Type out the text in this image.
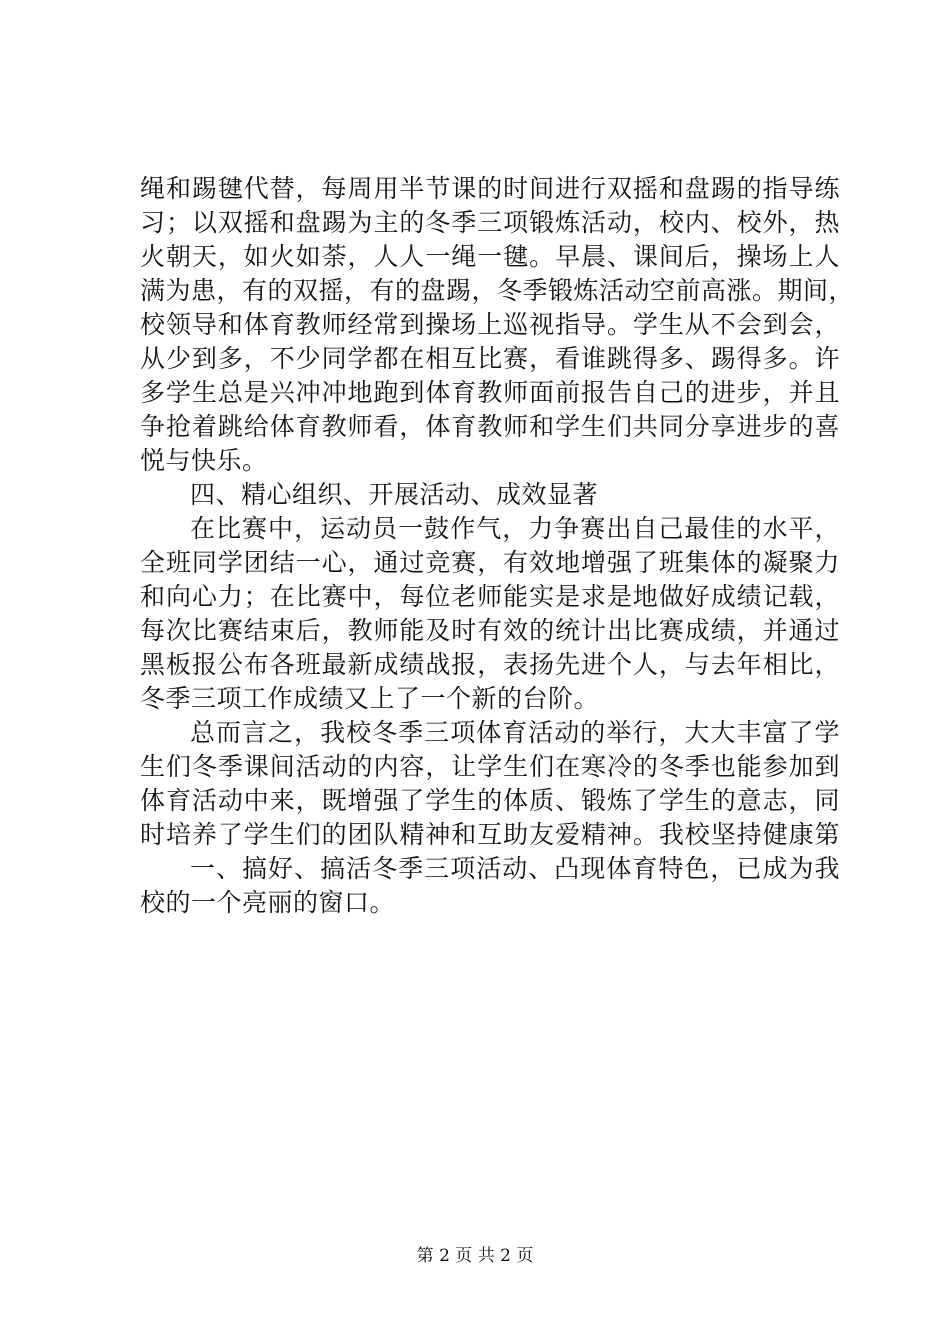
绳和踢毽代替，每周用半节课的时间进行双摇和盘踢的指导练
习；以双摇和盘踢为主的冬季三项锻炼活动，校内、校外，热
火朝天，如火如荼，人人一绳一毽。早晨、课间后，操场上人
满为患，有的双摇，有的盘踢，冬季锻炼活动空前高涨。期间，
校领导和体育教师经常到操场上巡视指导。学生从不会到会，
从少到多，不少同学都在相互比赛，看谁跳得多、踢得多。许
多学生总是兴冲冲地跑到体育教师面前报告自己的进步，并且
争抢着跳给体育教师看，体育教师和学生们共同分享进步的喜
悦与快乐。
四、精心组织、开展活动、成效显著
在比赛中，运动员一鼓作气，力争赛出自己最佳的水平，
全班同学团结一心，通过竞赛，有效地增强了班集体的凝聚力
和向心力；在比赛中，每位老师能实是求是地做好成绩记载，
每次比赛结束后，教师能及时有效的统计出比赛成绩，并通过
黑板报公布各班最新成绩战报，表扬先进个人，与去年相比，
冬季三项工作成绩又上了一个新的台阶。
总而言之，我校冬季三项体育活动的举行，大大丰富了学
生们冬季课间活动的内容，让学生们在寒冷的冬季也能参加到
体育活动中来，既增强了学生的体质、锻炼了学生的意志，同
时培养了学生们的团队精神和互助友爱精神。我校坚持健康第
一、搞好、搞活冬季三项活动、凸现体育特色，已成为我
校的一个亮丽的窗口。
第 2 页 共 2 页
